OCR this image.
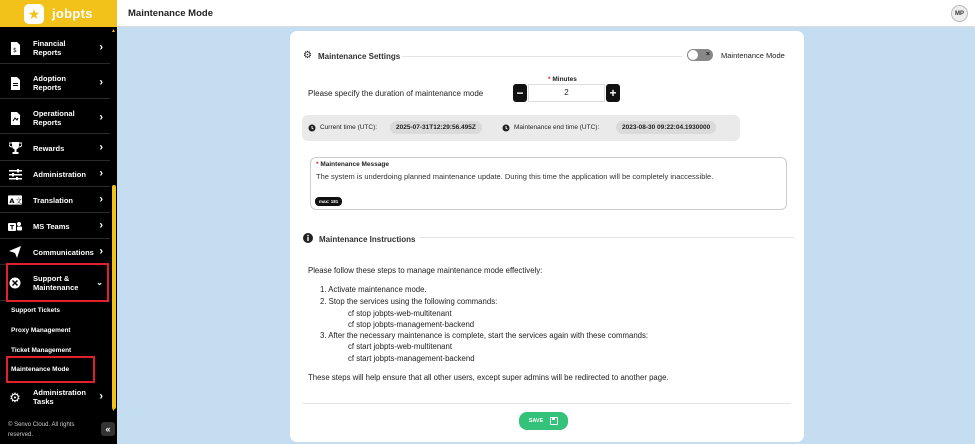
★ jobpts
$
Financial Reports	›
Adoption Reports	›
Operational Reports	›
Rewards	›
Administration ›
A 文 Translation	›
T	MS Teams	›
Communications ›
Support & Maintenance
⌄
Support Tickets
Proxy Management
Ticket Management
Maintenance Mode
⚙ Administration Tasks	›
▲
▼
© Senvo Cloud. All rights reserved.
«
Maintenance Mode	MP
⚙ Maintenance Settings	× Maintenance Mode
Please specify the duration of maintenance mode
* Minutes
−	2	+
Current time (UTC):	2025-07-31T12:29:56.495Z	Maintenance end time (UTC):	2023-08-30 09:22:04.1930000
* Maintenance Message
The system is underdoing planned maintenance update. During this time the application will be completely inaccessible.
max: 181
Maintenance Instructions
Please follow these steps to manage maintenance mode effectively:
1. Activate maintenance mode.
2. Stop the services using the following commands:
cf stop jobpts-web-multitenant
cf stop jobpts-management-backend
3. After the necessary maintenance is complete, start the services again with these commands:
cf start jobpts-web-multitenant
cf start jobpts-management-backend
These steps will help ensure that all other users, except super admins will be redirected to another page.
SAVE
